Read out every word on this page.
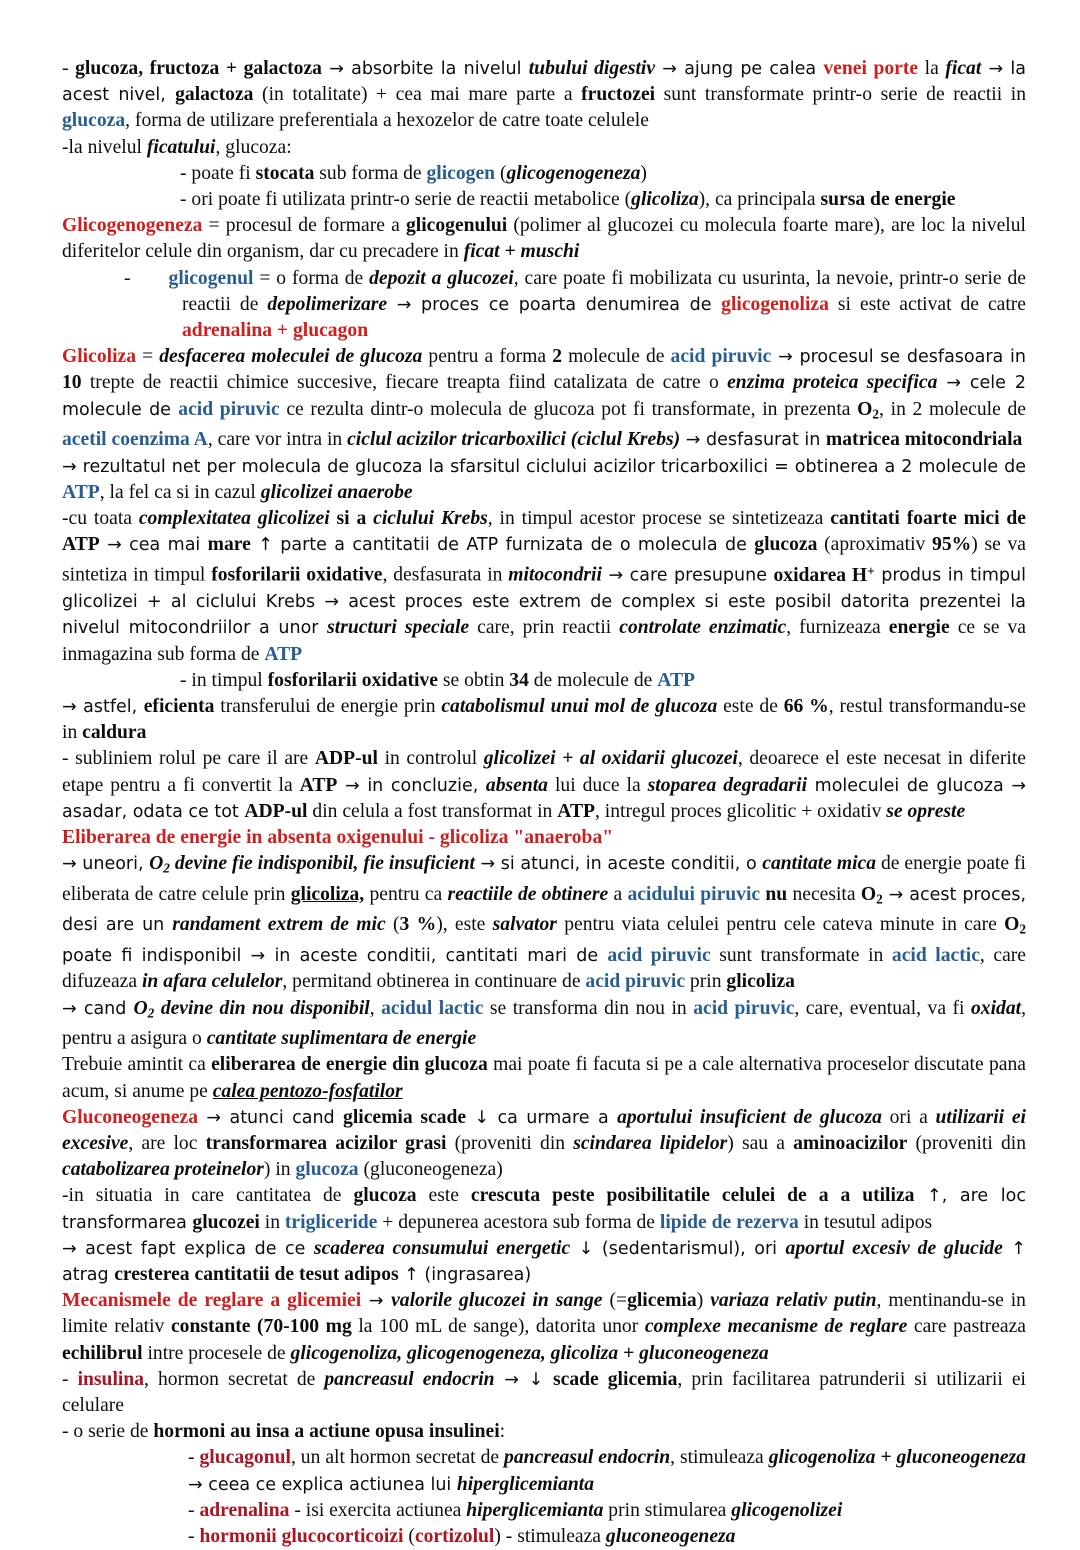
- glucoza, fructoza + galactoza → absorbite la nivelul tubului digestiv → ajung pe calea venei porte la ficat → la acest nivel, galactoza (in totalitate) + cea mai mare parte a fructozei sunt transformate printr-o serie de reactii in glucoza, forma de utilizare preferentiala a hexozelor de catre toate celulele

-la nivelul ficatului, glucoza:

- poate fi stocata sub forma de glicogen (glicogenogeneza)

- ori poate fi utilizata printr-o serie de reactii metabolice (glicoliza), ca principala sursa de energie

Glicogenogeneza = procesul de formare a glicogenului (polimer al glucozei cu molecula foarte mare), are loc la nivelul diferitelor celule din organism, dar cu precadere in ficat + muschi

- glicogenul = o forma de depozit a glucozei, care poate fi mobilizata cu usurinta, la nevoie, printr-o serie de reactii de depolimerizare → proces ce poarta denumirea de glicogenoliza si este activat de catre adrenalina + glucagon

Glicoliza = desfacerea moleculei de glucoza pentru a forma 2 molecule de acid piruvic → procesul se desfasoara in 10 trepte de reactii chimice succesive, fiecare treapta fiind catalizata de catre o enzima proteica specifica → cele 2 molecule de acid piruvic ce rezulta dintr-o molecula de glucoza pot fi transformate, in prezenta $O_2$, in 2 molecule de acetil coenzima A, care vor intra in ciclul acizilor tricarboxilici (ciclul Krebs) → desfasurat in matricea mitocondriala

→ rezultatul net per molecula de glucoza la sfarsitul ciclului acizilor tricarboxilici = obtinerea a 2 molecule de ATP, la fel ca si in cazul glicolizei anaerobe

-cu toata complexitatea glicolizei si a ciclului Krebs, in timpul acestor procese se sintetizeaza cantitati foarte mici de ATP → cea mai mare ↑ parte a cantitatii de ATP furnizata de o molecula de glucoza (aproximativ 95%) se va sintetiza in timpul fosforilarii oxidative, desfasurata in mitocondrii → care presupune oxidarea H+ produs in timpul glicolizei + al ciclului Krebs → acest proces este extrem de complex si este posibil datorita prezentei la nivelul mitocondriilor a unor structuri speciale care, prin reactii controlate enzimatic, furnizeaza energie ce se va inmagazina sub forma de ATP

- in timpul fosforilarii oxidative se obtin 34 de molecule de ATP

→ astfel, eficienta transferului de energie prin catabolismul unui mol de glucoza este de 66 %, restul transformandu-se in caldura

- subliniem rolul pe care il are ADP-ul in controlul glicolizei + al oxidarii glucozei, deoarece el este necesat in diferite etape pentru a fi convertit la ATP → in concluzie, absenta lui duce la stoparea degradarii moleculei de glucoza → asadar, odata ce tot ADP-ul din celula a fost transformat in ATP, intregul proces glicolitic + oxidativ se opreste

Eliberarea de energie in absenta oxigenului - glicoliza "anaeroba"

→ uneori, $O_2$ devine fie indisponibil, fie insuficient → si atunci, in aceste conditii, o cantitate mica de energie poate fi eliberata de catre celule prin glicoliza, pentru ca reactiile de obtinere a acidului piruvic nu necesita $O_2$ → acest proces, desi are un randament extrem de mic (3 %), este salvator pentru viata celulei pentru cele cateva minute in care $O_2$ poate fi indisponibil → in aceste conditii, cantitati mari de acid piruvic sunt transformate in acid lactic, care difuzeaza in afara celulelor, permitand obtinerea in continuare de acid piruvic prin glicoliza

→ cand $O_2$ devine din nou disponibil, acidul lactic se transforma din nou in acid piruvic, care, eventual, va fi oxidat, pentru a asigura o cantitate suplimentara de energie

Trebuie amintit ca eliberarea de energie din glucoza mai poate fi facuta si pe a cale alternativa proceselor discutate pana acum, si anume pe calea pentozo-fosfatilor

Gluconeogeneza → atunci cand glicemia scade ↓ ca urmare a aportului insuficient de glucoza ori a utilizarii ei excesive, are loc transformarea acizilor grasi (proveniti din scindarea lipidelor) sau a aminoacizilor (proveniti din catabolizarea proteinelor) in glucoza (gluconeogeneza)

-in situatia in care cantitatea de glucoza este crescuta peste posibilitatile celulei de a a utiliza ↑, are loc transformarea glucozei in trigliceride + depunerea acestora sub forma de lipide de rezerva in tesutul adipos

→ acest fapt explica de ce scaderea consumului energetic ↓ (sedentarismul), ori aportul excesiv de glucide ↑ atrag cresterea cantitatii de tesut adipos ↑ (ingrasarea)

Mecanismele de reglare a glicemiei → valorile glucozei in sange (=glicemia) variaza relativ putin, mentinandu-se in limite relativ constante (70-100 mg la 100 mL de sange), datorita unor complexe mecanisme de reglare care pastreaza echilibrul intre procesele de glicogenoliza, glicogenogeneza, glicoliza + gluconeogeneza

- insulina, hormon secretat de pancreasul endocrin → ↓ scade glicemia, prin facilitarea patrunderii si utilizarii ei celulare

- o serie de hormoni au insa a actiune opusa insulinei:

- glucagonul, un alt hormon secretat de pancreasul endocrin, stimuleaza glicogenoliza + gluconeogeneza → ceea ce explica actiunea lui hiperglicemianta

- adrenalina - isi exercita actiunea hiperglicemianta prin stimularea glicogenolizei

- hormonii glucocorticoizi (cortizolul) - stimuleaza gluconeogeneza
